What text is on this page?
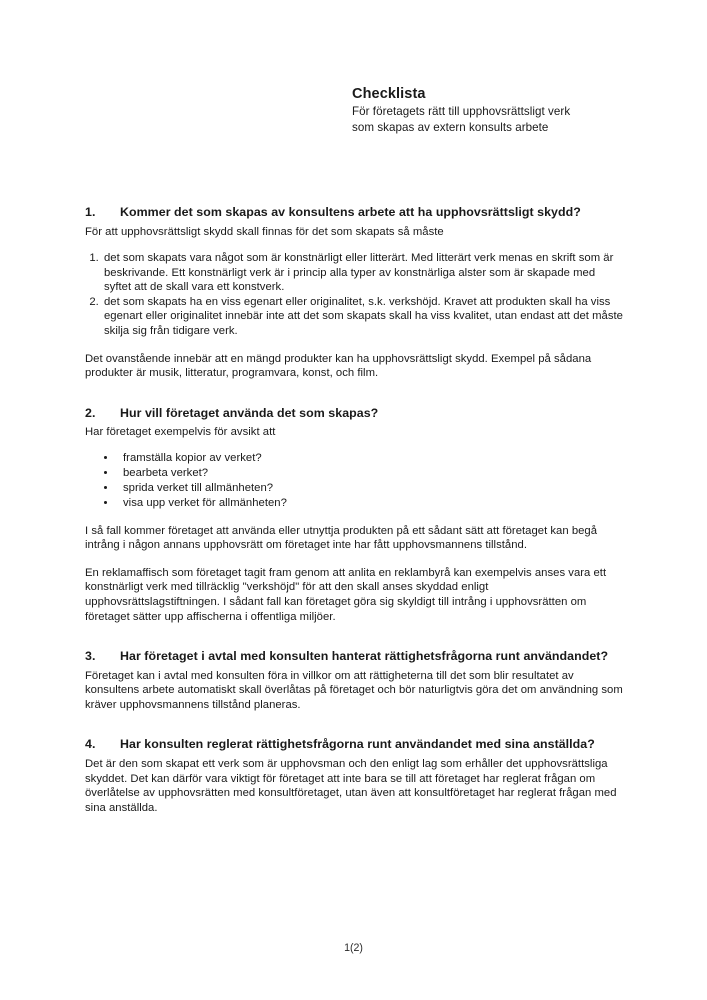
Checklista
För företagets rätt till upphovsrättsligt verk
som skapas av extern konsults arbete
1.	Kommer det som skapas av konsultens arbete att ha upphovsrättsligt skydd?

För att upphovsrättsligt skydd skall finnas för det som skapats så måste

1. det som skapats vara något som är konstnärligt eller litterärt. Med litterärt verk menas en skrift som är beskrivande. Ett konstnärligt verk är i princip alla typer av konstnärliga alster som är skapade med syftet att de skall vara ett konstverk.
2. det som skapats ha en viss egenart eller originalitet, s.k. verkshöjd. Kravet att produkten skall ha viss egenart eller originalitet innebär inte att det som skapats skall ha viss kvalitet, utan endast att det måste skilja sig från tidigare verk.

Det ovanstående innebär att en mängd produkter kan ha upphovsrättsligt skydd. Exempel på sådana produkter är musik, litteratur, programvara, konst, och film.

2.	Hur vill företaget använda det som skapas?

Har företaget exempelvis för avsikt att

• framställa kopior av verket?
• bearbeta verket?
• sprida verket till allmänheten?
• visa upp verket för allmänheten?

I så fall kommer företaget att använda eller utnyttja produkten på ett sådant sätt att företaget kan begå intrång i någon annans upphovsrätt om företaget inte har fått upphovsmannens tillstånd.

En reklamaffisch som företaget tagit fram genom att anlita en reklambyrå kan exempelvis anses vara ett konstnärligt verk med tillräcklig "verkshöjd" för att den skall anses skyddad enligt upphovsrättslagstiftningen. I sådant fall kan företaget göra sig skyldigt till intrång i upphovsrätten om företaget sätter upp affischerna i offentliga miljöer.

3.	Har företaget i avtal med konsulten hanterat rättighetsfrågorna runt användandet?

Företaget kan i avtal med konsulten föra in villkor om att rättigheterna till det som blir resultatet av konsultens arbete automatiskt skall överlåtas på företaget och bör naturligtvis göra det om användning som kräver upphovsmannens tillstånd planeras.

4.	Har konsulten reglerat rättighetsfrågorna runt användandet med sina anställda?

Det är den som skapat ett verk som är upphovsman och den enligt lag som erhåller det upphovsrättsliga skyddet. Det kan därför vara viktigt för företaget att inte bara se till att företaget har reglerat frågan om överlåtelse av upphovsrätten med konsultföretaget, utan även att konsultföretaget har reglerat frågan med sina anställda.

1(2)
